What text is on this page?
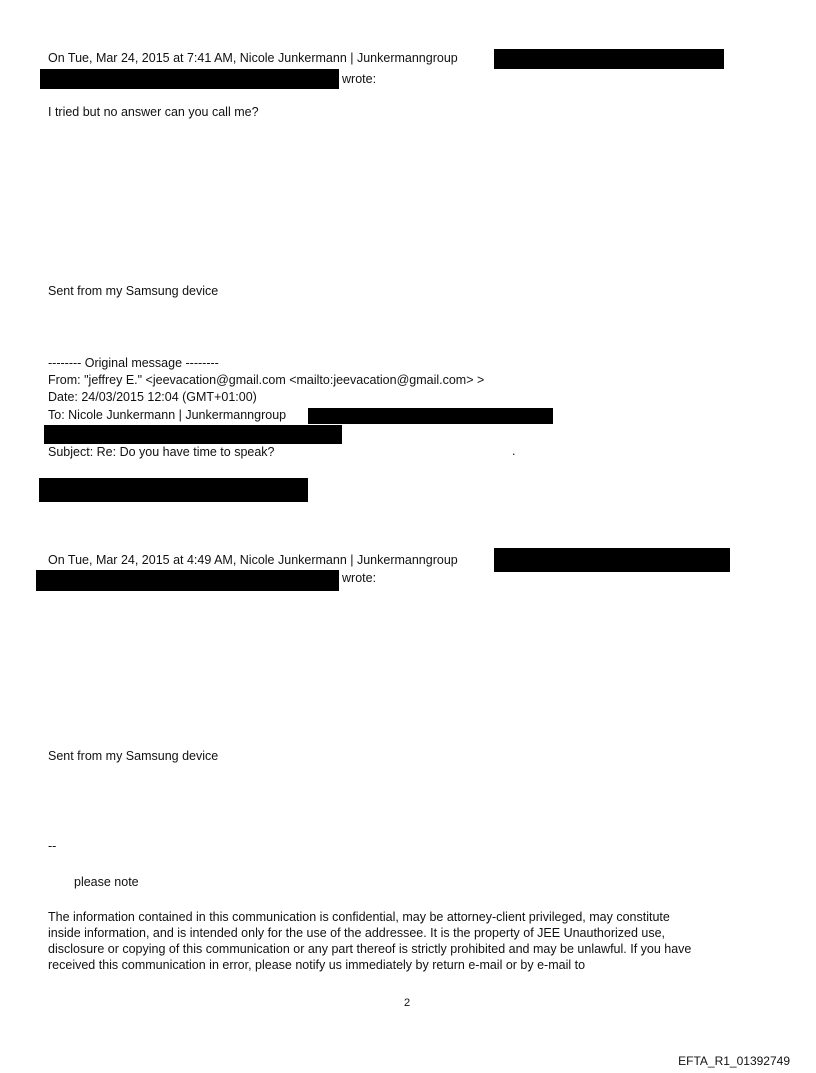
On Tue, Mar 24, 2015 at 7:41 AM, Nicole Junkermann | Junkermanngroup
wrote:
I tried but no answer can you call me?
Sent from my Samsung device
-------- Original message --------
From: "jeffrey E." <jeevacation@gmail.com <mailto:jeevacation@gmail.com> >
Date: 24/03/2015 12:04 (GMT+01:00)
To: Nicole Junkermann | Junkermanngroup
Subject: Re: Do you have time to speak?	.
On Tue, Mar 24, 2015 at 4:49 AM, Nicole Junkermann | Junkermanngroup
wrote:
Sent from my Samsung device
--
please note
The information contained in this communication is confidential, may be attorney-client privileged, may constitute
inside information, and is intended only for the use of the addressee. It is the property of JEE Unauthorized use,
disclosure or copying of this communication or any part thereof is strictly prohibited and may be unlawful. If you have
received this communication in error, please notify us immediately by return e-mail or by e-mail to
2
EFTA_R1_01392749
